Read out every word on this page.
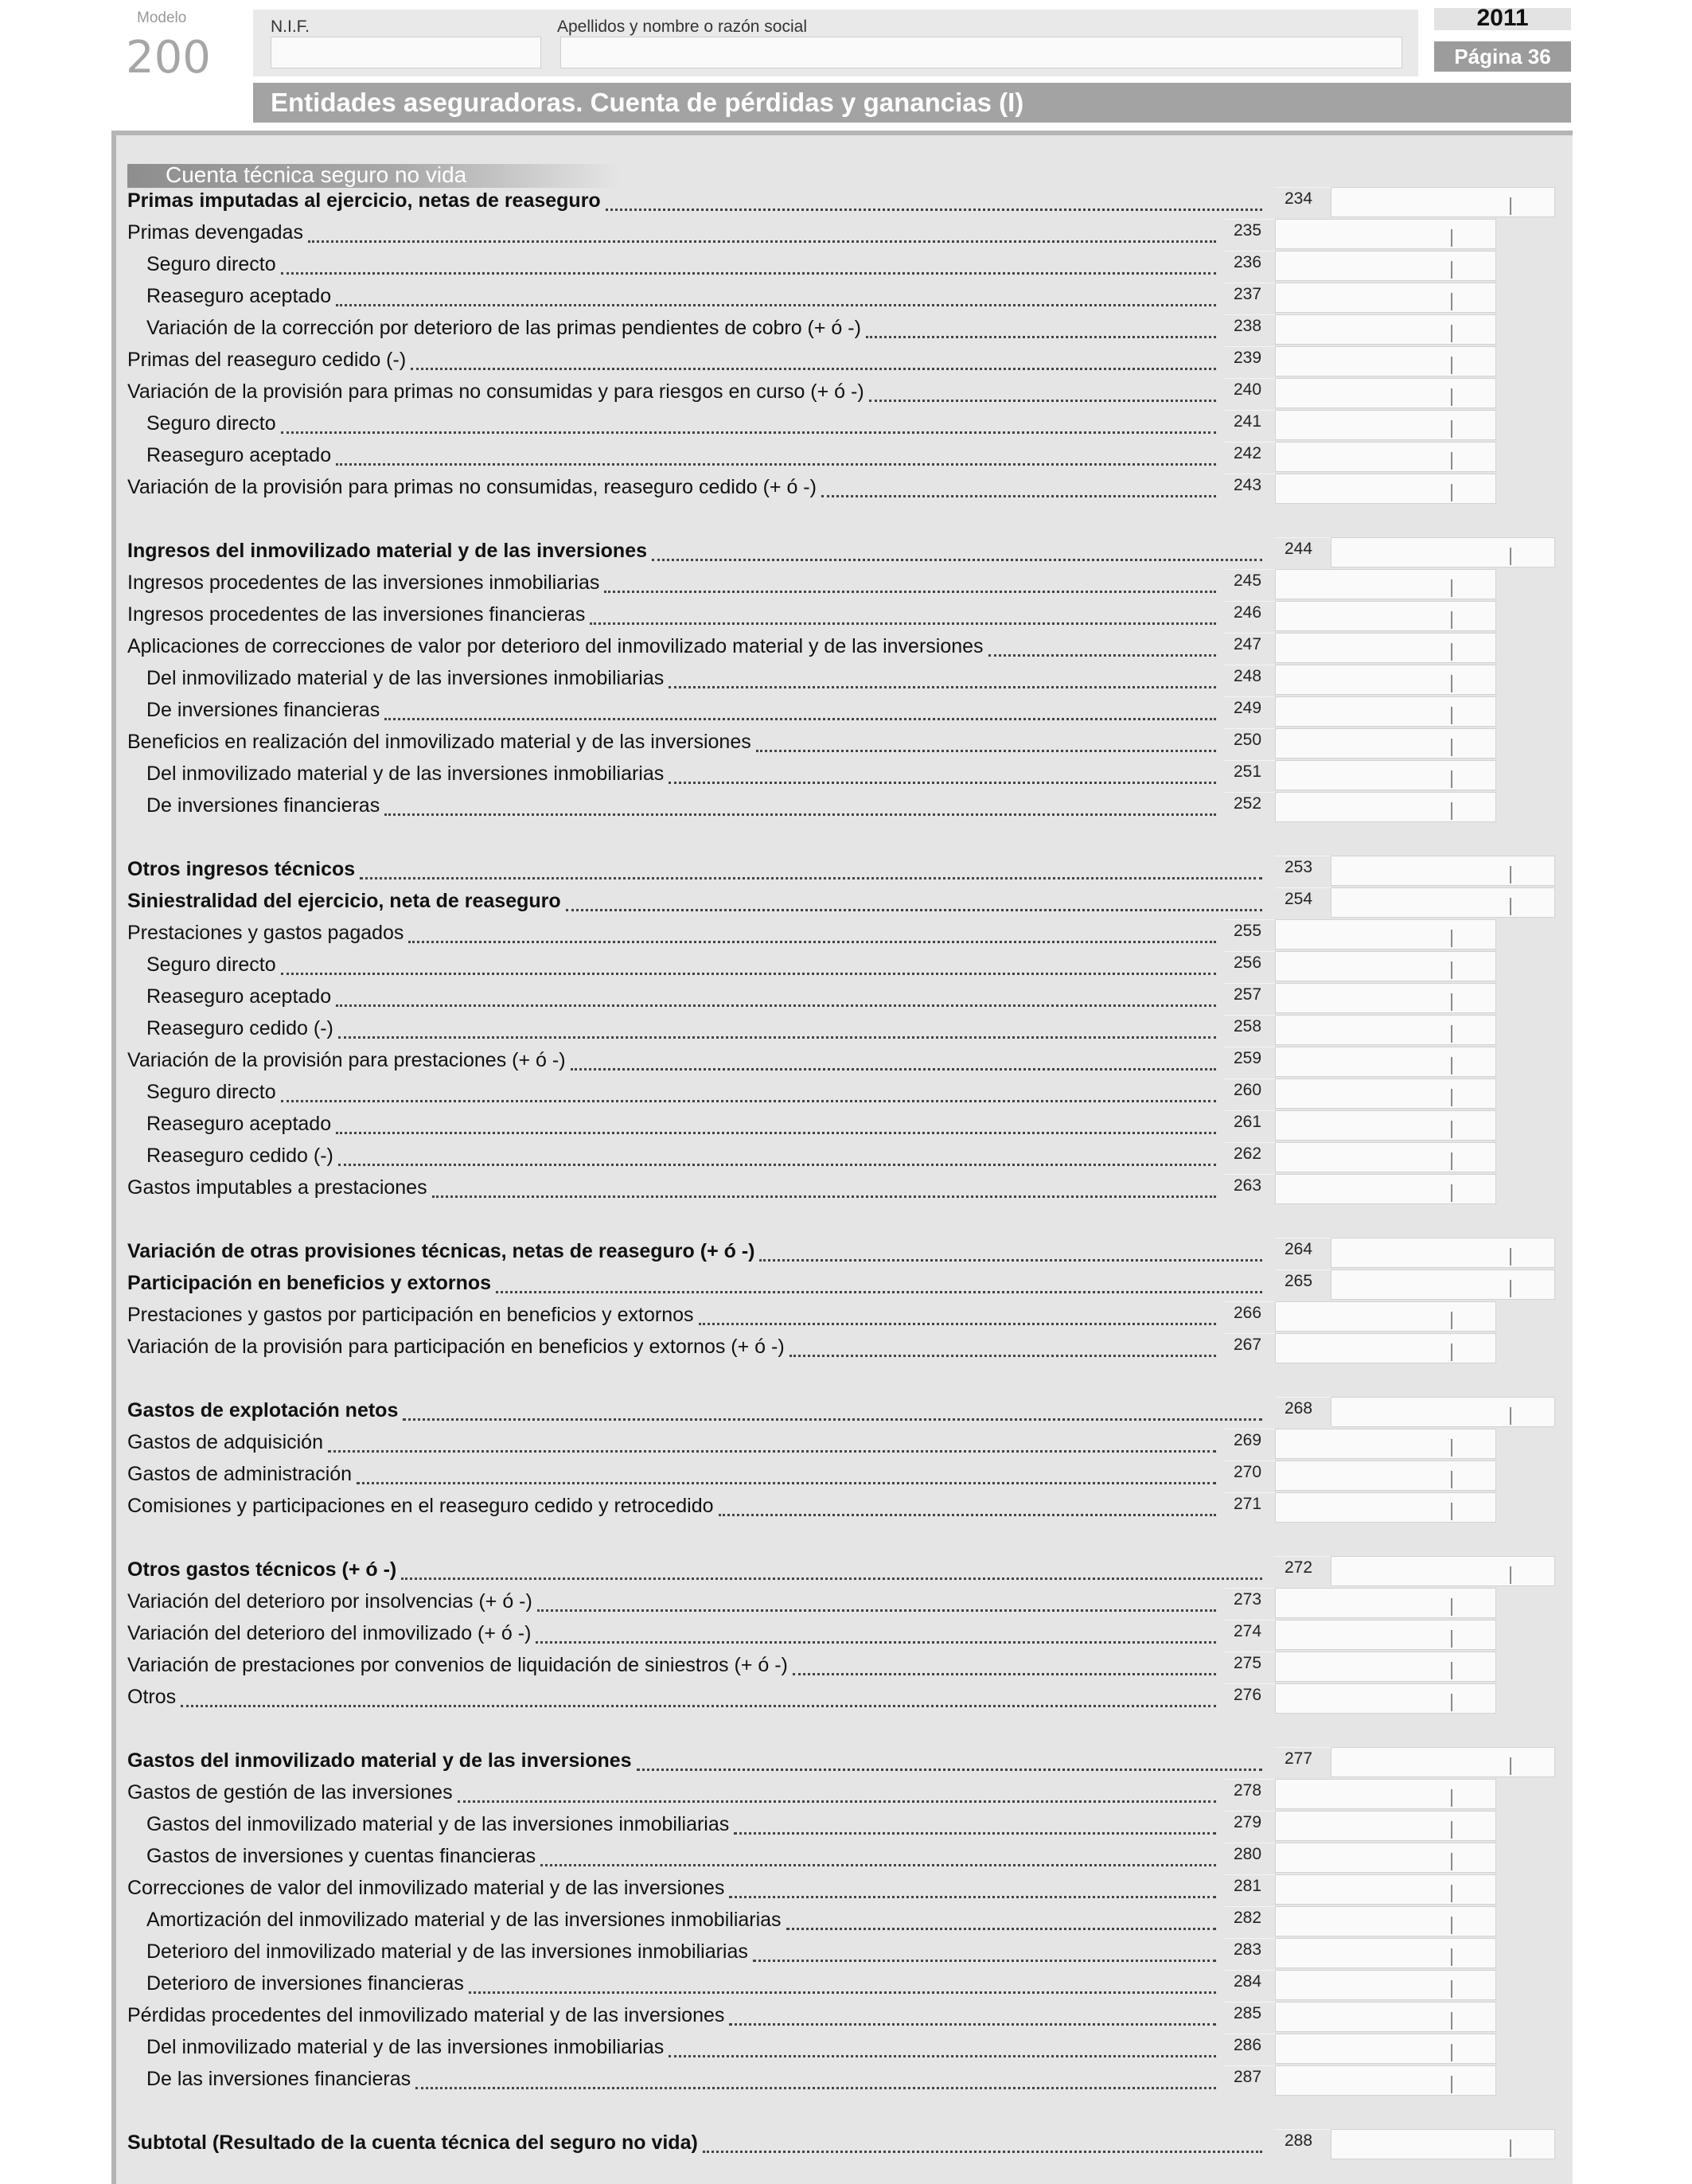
Modelo
200
N.I.F.	Apellidos y nombre o razón social	2011
Página 36
Entidades aseguradoras. Cuenta de pérdidas y ganancias (I)
Cuenta técnica seguro no vida
Primas imputadas al ejercicio, netas de reaseguro	234
Primas devengadas	235
Seguro directo	236
Reaseguro aceptado	237
Variación de la corrección por deterioro de las primas pendientes de cobro (+ ó -)	238
Primas del reaseguro cedido (-)	239
Variación de la provisión para primas no consumidas y para riesgos en curso (+ ó -)	240
Seguro directo	241
Reaseguro aceptado	242
Variación de la provisión para primas no consumidas, reaseguro cedido (+ ó -)	243
Ingresos del inmovilizado material y de las inversiones	244
Ingresos procedentes de las inversiones inmobiliarias	245
Ingresos procedentes de las inversiones financieras	246
Aplicaciones de correcciones de valor por deterioro del inmovilizado material y de las inversiones	247
Del inmovilizado material y de las inversiones inmobiliarias	248
De inversiones financieras	249
Beneficios en realización del inmovilizado material y de las inversiones	250
Del inmovilizado material y de las inversiones inmobiliarias	251
De inversiones financieras	252
Otros ingresos técnicos	253
Siniestralidad del ejercicio, neta de reaseguro	254
Prestaciones y gastos pagados	255
Seguro directo	256
Reaseguro aceptado	257
Reaseguro cedido (-)	258
Variación de la provisión para prestaciones (+ ó -)	259
Seguro directo	260
Reaseguro aceptado	261
Reaseguro cedido (-)	262
Gastos imputables a prestaciones	263
Variación de otras provisiones técnicas, netas de reaseguro (+ ó -)	264
Participación en beneficios y extornos	265
Prestaciones y gastos por participación en beneficios y extornos	266
Variación de la provisión para participación en beneficios y extornos (+ ó -)	267
Gastos de explotación netos	268
Gastos de adquisición	269
Gastos de administración	270
Comisiones y participaciones en el reaseguro cedido y retrocedido	271
Otros gastos técnicos (+ ó -)	272
Variación del deterioro por insolvencias (+ ó -)	273
Variación del deterioro del inmovilizado (+ ó -)	274
Variación de prestaciones por convenios de liquidación de siniestros (+ ó -)	275
Otros	276
Gastos del inmovilizado material y de las inversiones	277
Gastos de gestión de las inversiones	278
Gastos del inmovilizado material y de las inversiones inmobiliarias	279
Gastos de inversiones y cuentas financieras	280
Correcciones de valor del inmovilizado material y de las inversiones	281
Amortización del inmovilizado material y de las inversiones inmobiliarias	282
Deterioro del inmovilizado material y de las inversiones inmobiliarias	283
Deterioro de inversiones financieras	284
Pérdidas procedentes del inmovilizado material y de las inversiones	285
Del inmovilizado material y de las inversiones inmobiliarias	286
De las inversiones financieras	287
Subtotal (Resultado de la cuenta técnica del seguro no vida)	288
